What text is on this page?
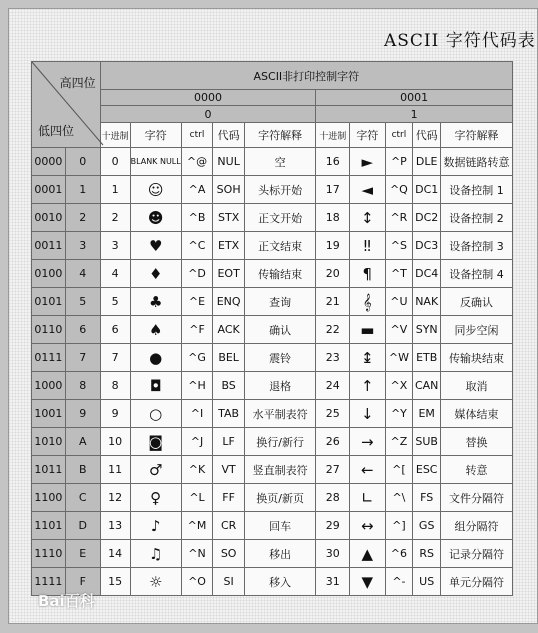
ASCII 字符代码表
高四位
低四位		ASCII非打印控制字符									
		0000					0001				
		0					1				
		十进制	字符	ctrl	代码	字符解释	十进制	字符	ctrl	代码	字符解释
0000	0	0	BLANK NULL	^@	NUL	空	16	►	^P	DLE	数据链路转意
0001	1	1	☺	^A	SOH	头标开始	17	◄	^Q	DC1	设备控制 1
0010	2	2	☻	^B	STX	正文开始	18	↕	^R	DC2	设备控制 2
0011	3	3	♥	^C	ETX	正文结束	19	‼	^S	DC3	设备控制 3
0100	4	4	♦	^D	EOT	传输结束	20	¶	^T	DC4	设备控制 4
0101	5	5	♣	^E	ENQ	查询	21	𝄞	^U	NAK	反确认
0110	6	6	♠	^F	ACK	确认	22	▬	^V	SYN	同步空闲
0111	7	7	●	^G	BEL	震铃	23	↨	^W	ETB	传输块结束
1000	8	8	◘	^H	BS	退格	24	↑	^X	CAN	取消
1001	9	9	○	^I	TAB	水平制表符	25	↓	^Y	EM	媒体结束
1010	A	10	◙	^J	LF	换行/新行	26	→	^Z	SUB	替换
1011	B	11	♂	^K	VT	竖直制表符	27	←	^[	ESC	转意
1100	C	12	♀	^L	FF	换页/新页	28	∟	^\	FS	文件分隔符
1101	D	13	♪	^M	CR	回车	29	↔	^]	GS	组分隔符
1110	E	14	♫	^N	SO	移出	30	▲	^6	RS	记录分隔符
1111	F	15	☼	^O	SI	移入	31	▼	^-	US	单元分隔符
Bai百科
